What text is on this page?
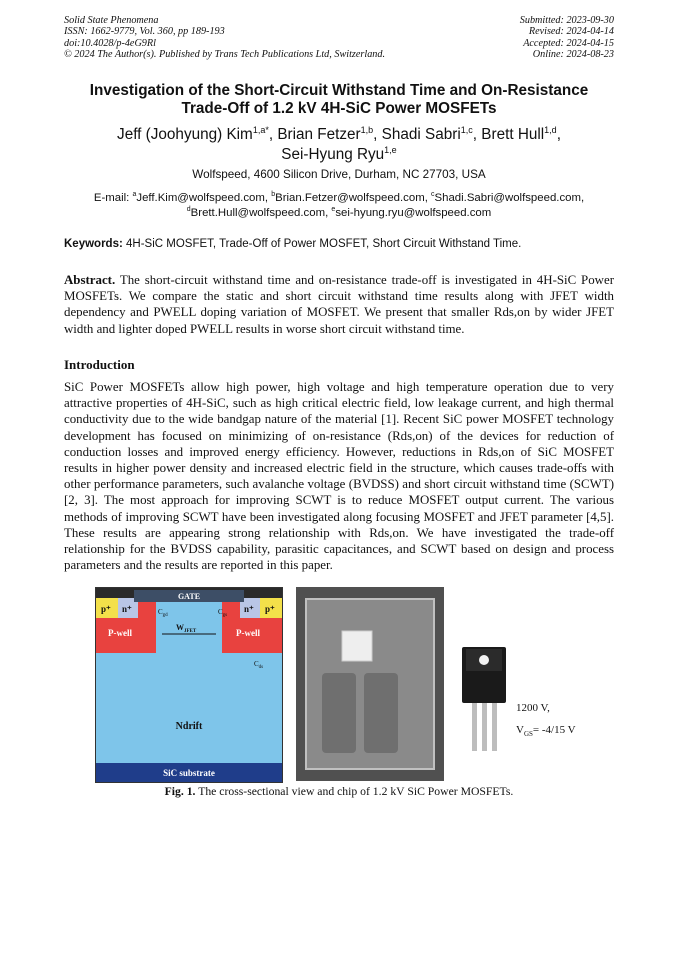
Solid State Phenomena
ISSN: 1662-9779, Vol. 360, pp 189-193
doi:10.4028/p-4eG9Rl
© 2024 The Author(s). Published by Trans Tech Publications Ltd, Switzerland.
Submitted: 2023-09-30
Revised: 2024-04-14
Accepted: 2024-04-15
Online: 2024-08-23
Investigation of the Short-Circuit Withstand Time and On-Resistance
Trade-Off of 1.2 kV 4H-SiC Power MOSFETs
Jeff (Joohyung) Kim$^{1,a*}$, Brian Fetzer$^{1,b}$, Shadi Sabri$^{1,c}$, Brett Hull$^{1,d}$,
Sei-Hyung Ryu$^{1,e}$
Wolfspeed, 4600 Silicon Drive, Durham, NC 27703, USA
E-mail: $^a$Jeff.Kim@wolfspeed.com, $^b$Brian.Fetzer@wolfspeed.com, $^c$Shadi.Sabri@wolfspeed.com,
$^d$Brett.Hull@wolfspeed.com, $^e$sei-hyung.ryu@wolfspeed.com
Keywords: 4H-SiC MOSFET, Trade-Off of Power MOSFET, Short Circuit Withstand Time.
Abstract. The short-circuit withstand time and on-resistance trade-off is investigated in 4H-SiC Power MOSFETs. We compare the static and short circuit withstand time results along with JFET width dependency and PWELL doping variation of MOSFET. We present that smaller Rds,on by wider JFET width and lighter doped PWELL results in worse short circuit withstand time.
Introduction
SiC Power MOSFETs allow high power, high voltage and high temperature operation due to very attractive properties of 4H-SiC, such as high critical electric field, low leakage current, and high thermal conductivity due to the wide bandgap nature of the material [1]. Recent SiC power MOSFET technology development has focused on minimizing of on-resistance (Rds,on) of the devices for reduction of conduction losses and improved energy efficiency. However, reductions in Rds,on of SiC MOSFET results in higher power density and increased electric field in the structure, which causes trade-offs with other performance parameters, such avalanche voltage (BVDSS) and short circuit withstand time (SCWT) [2, 3]. The most approach for improving SCWT is to reduce MOSFET output current. The various methods of improving SCWT have been investigated along focusing MOSFET and JFET parameter [4,5]. These results are appearing strong relationship with Rds,on. We have investigated the trade-off relationship for the BVDSS capability, parasitic capacitances, and SCWT based on design and process parameters and the results are reported in this paper.
GATE
p⁺ n⁺	n⁺ p⁺
P-well	P-well
$C_{gd}$	$C_{gs}$
$C_{ds}$
$W_{JFET}$
Ndrift
SiC substrate
1200 V,
$V_{GS}= -4/15$ V
Fig. 1. The cross-sectional view and chip of 1.2 kV SiC Power MOSFETs.
